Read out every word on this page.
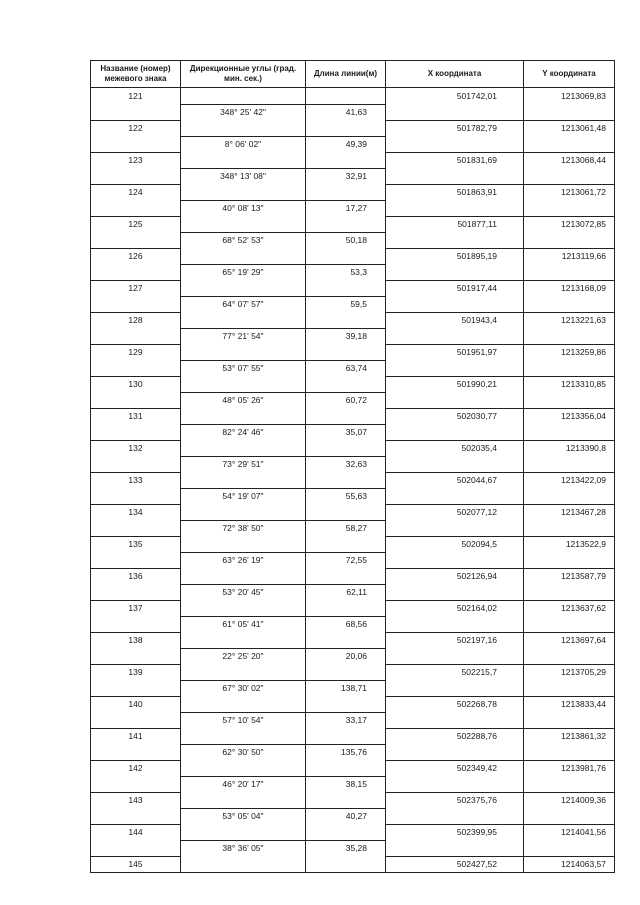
Название (номер) межевого знака	Дирекционные углы (град. мин. сек.)	Длина линии(м)	X координата	Y координата
121			501742,01	1213069,83
	348° 25' 42"	41,63		
122			501782,79	1213061,48
	8° 06' 02"	49,39		
123			501831,69	1213068,44
	348° 13' 08"	32,91		
124			501863,91	1213061,72
	40° 08' 13"	17,27		
125			501877,11	1213072,85
	68° 52' 53"	50,18		
126			501895,19	1213119,66
	65° 19' 29"	53,3		
127			501917,44	1213168,09
	64° 07' 57"	59,5		
128			501943,4	1213221,63
	77° 21' 54"	39,18		
129			501951,97	1213259,86
	53° 07' 55"	63,74		
130			501990,21	1213310,85
	48° 05' 26"	60,72		
131			502030,77	1213356,04
	82° 24' 46"	35,07		
132			502035,4	1213390,8
	73° 29' 51"	32,63		
133			502044,67	1213422,09
	54° 19' 07"	55,63		
134			502077,12	1213467,28
	72° 38' 50"	58,27		
135			502094,5	1213522,9
	63° 26' 19"	72,55		
136			502126,94	1213587,79
	53° 20' 45"	62,11		
137			502164,02	1213637,62
	61° 05' 41"	68,56		
138			502197,16	1213697,64
	22° 25' 20"	20,06		
139			502215,7	1213705,29
	67° 30' 02"	138,71		
140			502268,78	1213833,44
	57° 10' 54"	33,17		
141			502288,76	1213861,32
	62° 30' 50"	135,76		
142			502349,42	1213981,76
	46° 20' 17"	38,15		
143			502375,76	1214009,36
	53° 05' 04"	40,27		
144			502399,95	1214041,56
	38° 36' 05"	35,28		
145			502427,52	1214063,57
